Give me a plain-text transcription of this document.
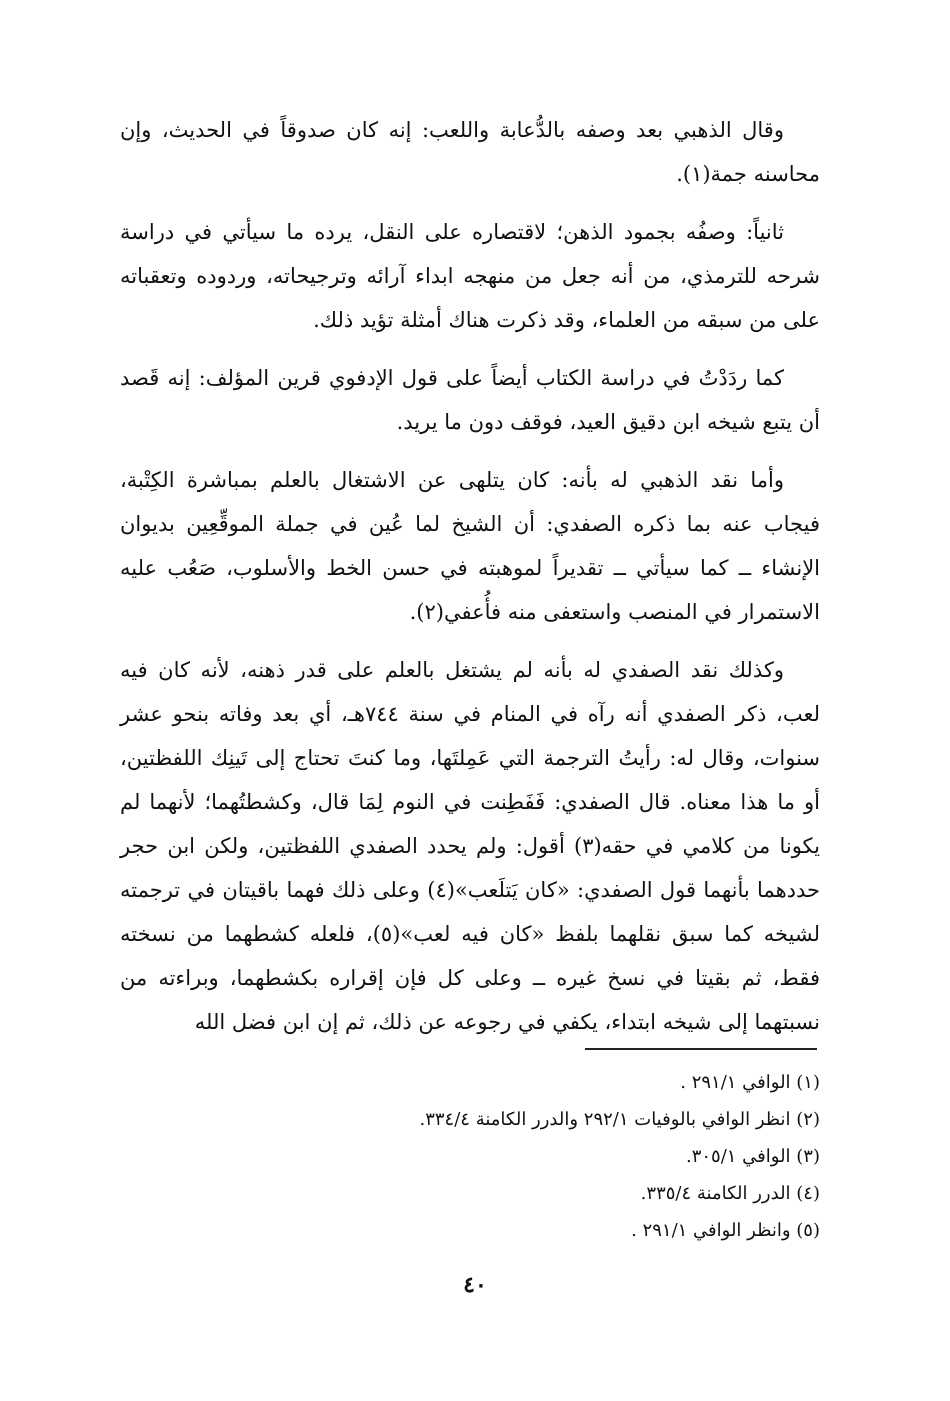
وقال الذهبي بعد وصفه بالدُّعابة واللعب: إنه كان صدوقاً في الحديث، وإن محاسنه جمة(١).

ثانياً: وصفُه بجمود الذهن؛ لاقتصاره على النقل، يرده ما سيأتي في دراسة شرحه للترمذي، من أنه جعل من منهجه ابداء آرائه وترجيحاته، وردوده وتعقباته على من سبقه من العلماء، وقد ذكرت هناك أمثلة تؤيد ذلك.

كما ردَدْتُ في دراسة الكتاب أيضاً على قول الإدفوي قرين المؤلف: إنه قَصد أن يتبع شيخه ابن دقيق العيد، فوقف دون ما يريد.

وأما نقد الذهبي له بأنه: كان يتلهى عن الاشتغال بالعلم بمباشرة الكِتْبة، فيجاب عنه بما ذكره الصفدي: أن الشيخ لما عُين في جملة الموقِّعِين بديوان الإنشاء ــ كما سيأتي ــ تقديراً لموهبته في حسن الخط والأسلوب، صَعُب عليه الاستمرار في المنصب واستعفى منه فأُعفي(٢).

وكذلك نقد الصفدي له بأنه لم يشتغل بالعلم على قدر ذهنه، لأنه كان فيه لعب، ذكر الصفدي أنه رآه في المنام في سنة ٧٤٤هـ، أي بعد وفاته بنحو عشر سنوات، وقال له: رأيتُ الترجمة التي عَمِلتَها، وما كنتَ تحتاج إلى تَينِك اللفظتين، أو ما هذا معناه. قال الصفدي: فَفَطِنت في النوم لِمَا قال، وكشطتُهما؛ لأنهما لم يكونا من كلامي في حقه(٣) أقول: ولم يحدد الصفدي اللفظتين، ولكن ابن حجر حددهما بأنهما قول الصفدي: «كان يَتلَعب»(٤) وعلى ذلك فهما باقيتان في ترجمته لشيخه كما سبق نقلهما بلفظ «كان فيه لعب»(٥)، فلعله كشطهما من نسخته فقط، ثم بقيتا في نسخ غيره ــ وعلى كل فإن إقراره بكشطهما، وبراءته من نسبتهما إلى شيخه ابتداء، يكفي في رجوعه عن ذلك، ثم إن ابن فضل الله

(١) الوافي ٢٩١/١ .

(٢) انظر الوافي بالوفيات ٢٩٢/١ والدرر الكامنة ٣٣٤/٤.

(٣) الوافي ٣٠٥/١.

(٤) الدرر الكامنة ٣٣٥/٤.

(٥) وانظر الوافي ٢٩١/١ .

٤٠
